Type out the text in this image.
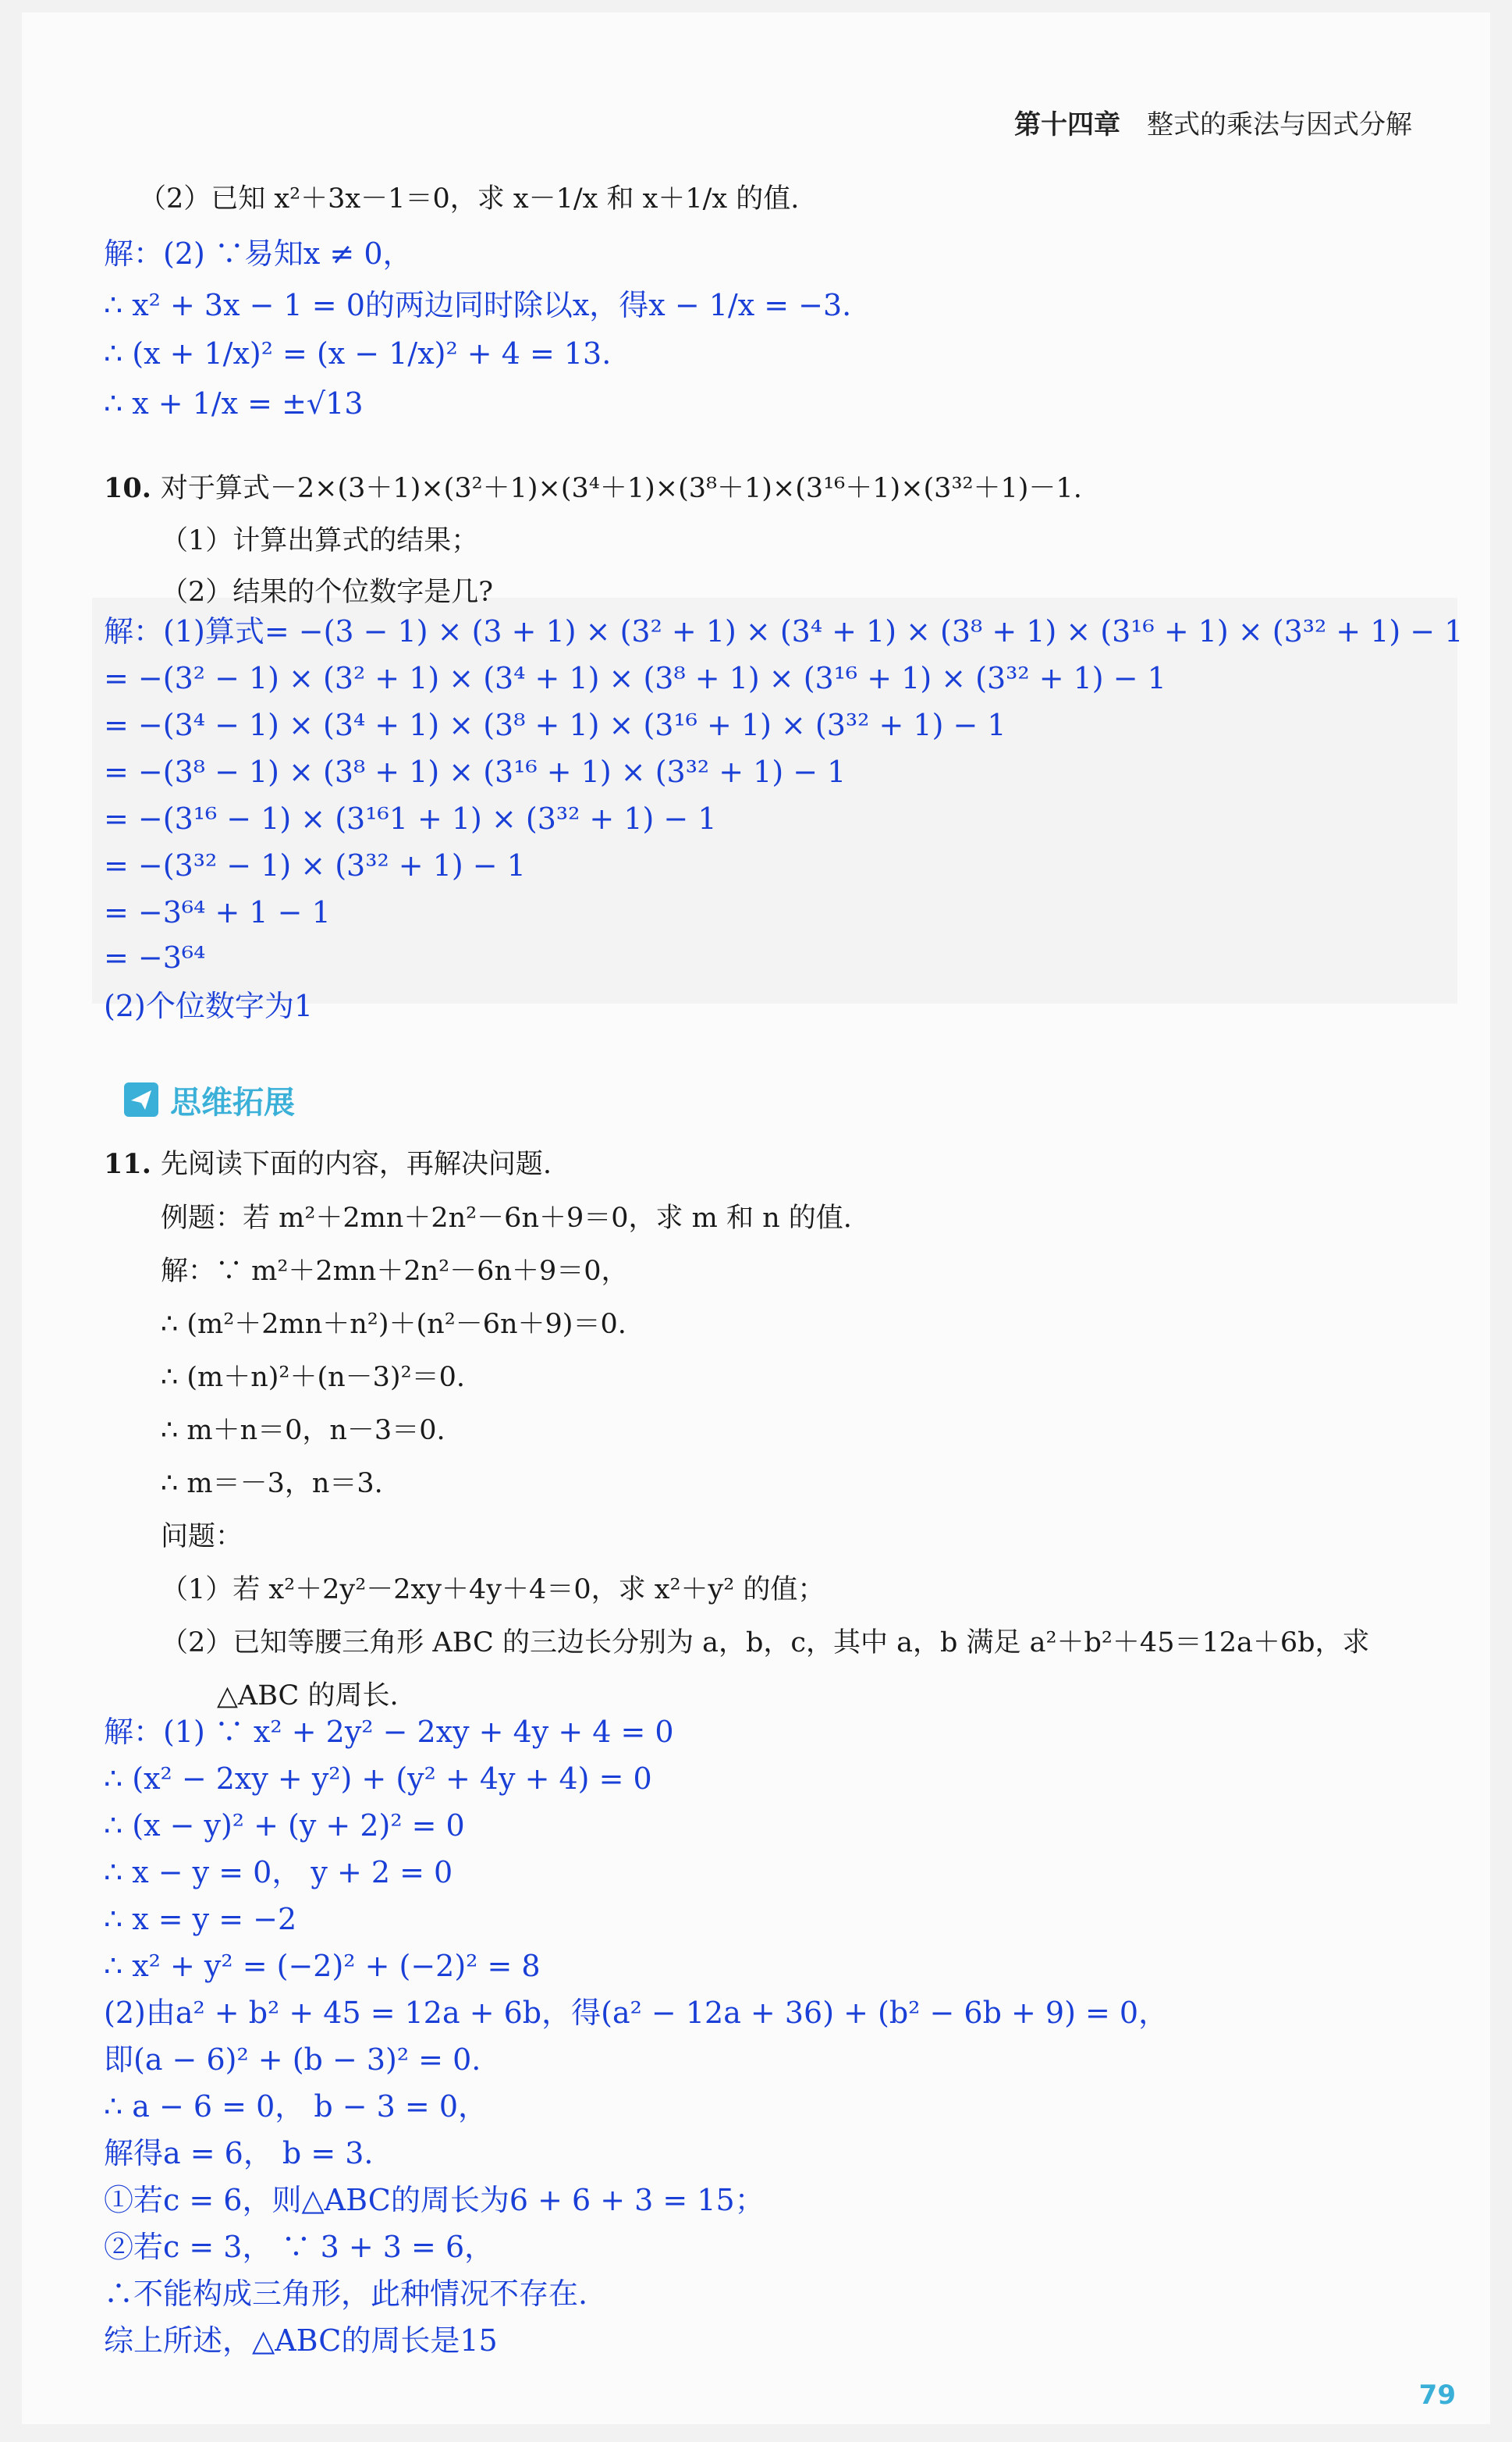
第十四章 整式的乘法与因式分解
（2）已知 x²＋3x－1＝0，求 x－1/x 和 x＋1/x 的值.
解：(2) ∵易知x ≠ 0，
∴ x² + 3x − 1 = 0的两边同时除以x，得x − 1/x = −3.
∴ (x + 1/x)² = (x − 1/x)² + 4 = 13.
∴ x + 1/x = ±√13
10. 对于算式－2×(3＋1)×(3²＋1)×(3⁴＋1)×(3⁸＋1)×(3¹⁶＋1)×(3³²＋1)－1.
（1）计算出算式的结果；
（2）结果的个位数字是几?
解：(1)算式= −(3 − 1) × (3 + 1) × (3² + 1) × (3⁴ + 1) × (3⁸ + 1) × (3¹⁶ + 1) × (3³² + 1) − 1
= −(3² − 1) × (3² + 1) × (3⁴ + 1) × (3⁸ + 1) × (3¹⁶ + 1) × (3³² + 1) − 1
= −(3⁴ − 1) × (3⁴ + 1) × (3⁸ + 1) × (3¹⁶ + 1) × (3³² + 1) − 1
= −(3⁸ − 1) × (3⁸ + 1) × (3¹⁶ + 1) × (3³² + 1) − 1
= −(3¹⁶ − 1) × (3¹⁶1 + 1) × (3³² + 1) − 1
= −(3³² − 1) × (3³² + 1) − 1
= −3⁶⁴ + 1 − 1
= −3⁶⁴
(2)个位数字为1
思维拓展
11. 先阅读下面的内容，再解决问题.
例题：若 m²＋2mn＋2n²－6n＋9＝0，求 m 和 n 的值.
解：∵ m²＋2mn＋2n²－6n＋9＝0，
∴ (m²＋2mn＋n²)＋(n²－6n＋9)＝0.
∴ (m＋n)²＋(n－3)²＝0.
∴ m＋n＝0，n－3＝0.
∴ m＝－3，n＝3.
问题：
（1）若 x²＋2y²－2xy＋4y＋4＝0，求 x²＋y² 的值；
（2）已知等腰三角形 ABC 的三边长分别为 a，b，c，其中 a，b 满足 a²＋b²＋45＝12a＋6b，求
△ABC 的周长.
解：(1) ∵ x² + 2y² − 2xy + 4y + 4 = 0
∴ (x² − 2xy + y²) + (y² + 4y + 4) = 0
∴ (x − y)² + (y + 2)² = 0
∴ x − y = 0， y + 2 = 0
∴ x = y = −2
∴ x² + y² = (−2)² + (−2)² = 8
(2)由a² + b² + 45 = 12a + 6b，得(a² − 12a + 36) + (b² − 6b + 9) = 0，
即(a − 6)² + (b − 3)² = 0.
∴ a − 6 = 0， b − 3 = 0，
解得a = 6， b = 3.
①若c = 6，则△ABC的周长为6 + 6 + 3 = 15；
②若c = 3， ∵ 3 + 3 = 6，
∴不能构成三角形，此种情况不存在.
综上所述，△ABC的周长是15
79
